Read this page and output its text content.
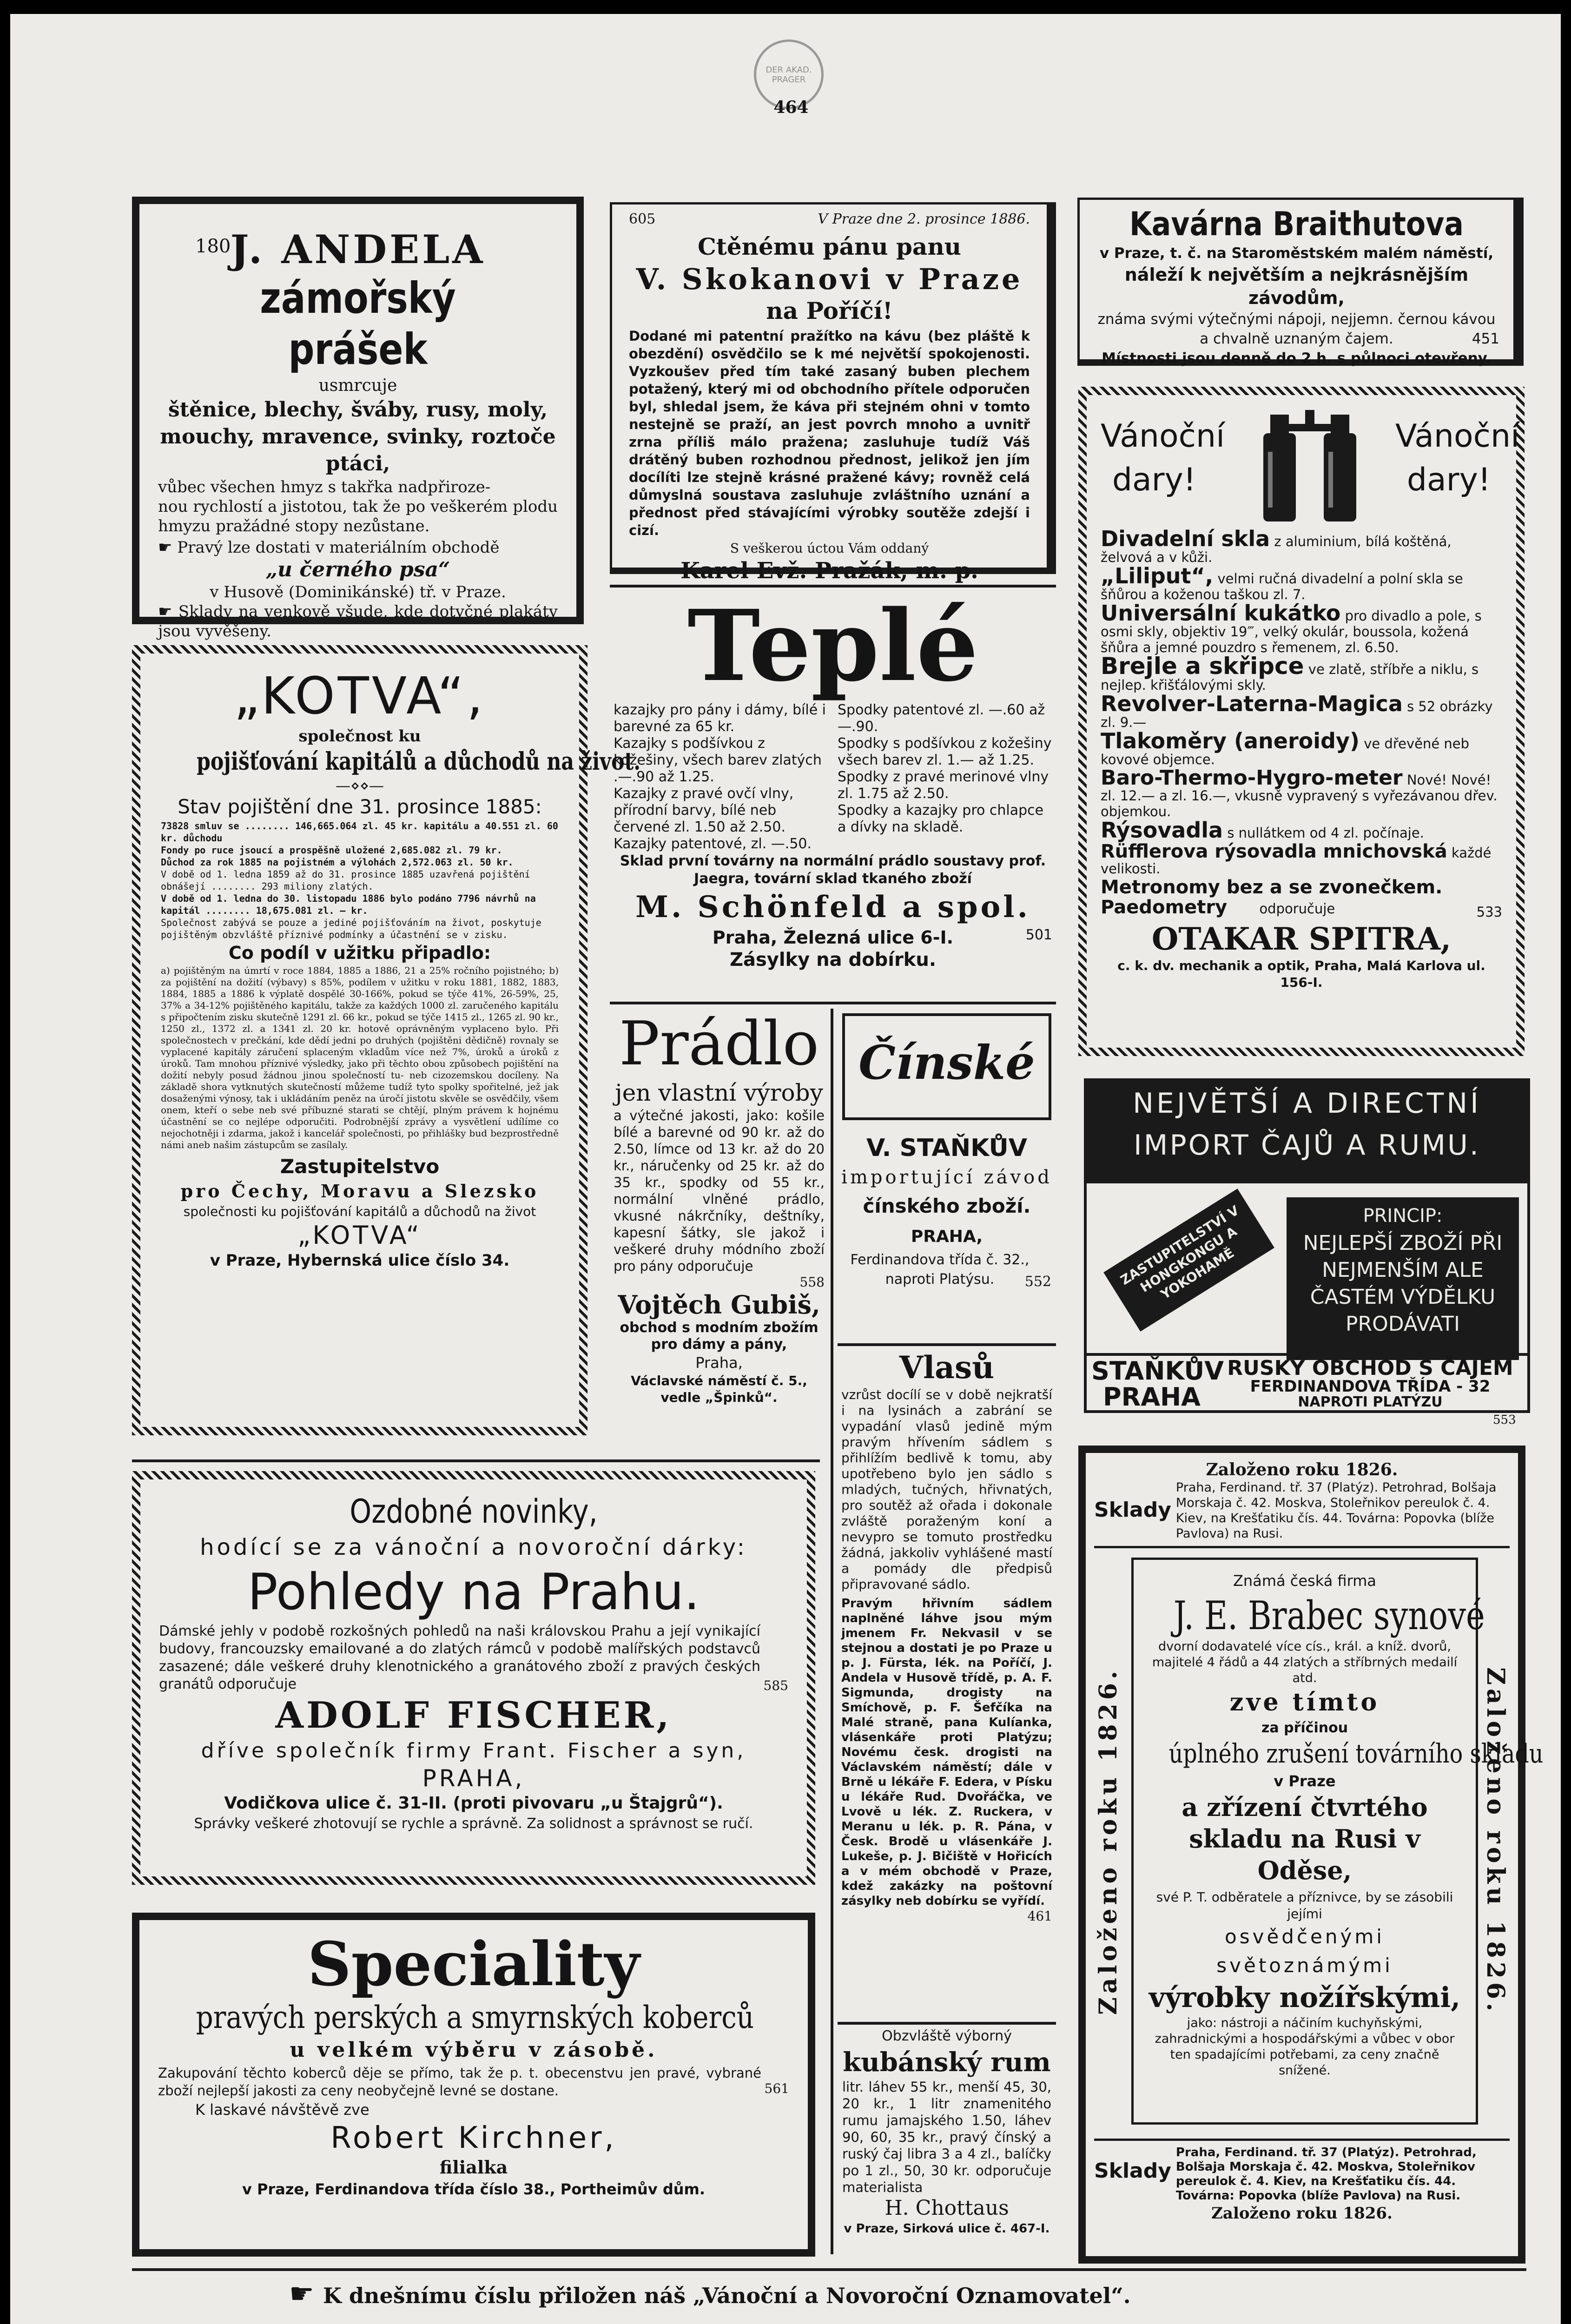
DER AKAD. PRAGER
464
180 J. ANDELA
zámořský prášek
usmrcuje
štěnice, blechy, šváby, rusy, moly,
mouchy, mravence, svinky, roztoče
ptáci,
vůbec všechen hmyz s takřka nadpřiroze-
nou rychlostí a jistotou, tak že po veškerém plodu hmyzu pražádné stopy nezůstane.
☛ Pravý lze dostati v materiálním obchodě
„u černého psa“
v Husově (Dominikánské) tř. v Praze.
☛ Sklady na venkově všude, kde dotyčné plakáty jsou vyvěšeny.
605	V Praze dne 2. prosince 1886.
Ctěnému pánu panu
V. Skokanovi v Praze
na Poříčí!

Dodané mi patentní pražítko na kávu (bez pláště k obezdění) osvědčilo se k mé největší spokojenosti. Vyzkoušev před tím také zasaný buben plechem potažený, který mi od obchodního přítele odporučen byl, shledal jsem, že káva při stejném ohni v tomto nestejně se praží, an jest povrch mnoho a uvnitř zrna příliš málo pražena; zasluhuje tudíž Váš drátěný buben rozhodnou přednost, jelikož jen jím docílíti lze stejně krásné pražené kávy; rovněž celá důmyslná soustava zasluhuje zvláštního uznání a přednost před stávajícími výrobky soutěže zdejší i cizí.

S veškerou úctou Vám oddaný
Karel Evž. Pražák, m. p.
Kavárna Braithutova
v Praze, t. č. na Staroměstském malém náměstí,
náleží k největším a nejkrásnějším závodům,
známa svými výtečnými nápoji, nejjemn. černou kávou a chvalně uznaným čajem.
Místnosti jsou denně do 2 h. s půlnoci otevřeny.
451
Vánoční dary!
Vánoční dary!

Divadelní skla z aluminium, bílá koštěná, želvová a v kůži.

„Liliput“, velmi ručná divadelní a polní skla se šňůrou a koženou taškou zl. 7.

Universální kukátko pro divadlo a pole, s osmi skly, objektiv 19‴, velký okulár, boussola, kožená šňůra a jemné pouzdro s řemenem, zl. 6.50.

Brejle a skřipce ve zlatě, stříbře a niklu, s nejlep. křišťálovými skly.

Revolver-Laterna-Magica s 52 obrázky zl. 9.—

Tlakoměry (aneroidy) ve dřevěné neb kovové objemce.

Baro-Thermo-Hygro-meter Nové! Nové! zl. 12.— a zl. 16.—, vkusně vypravený s vyřezávanou dřev. objemkou.

Rýsovadla s nullátkem od 4 zl. počínaje.

Rüfflerova rýsovadla mnichovská každé velikosti.

Metronomy bez a se zvonečkem.

Paedometry odporučuje	533

OTAKAR SPITRA,
c. k. dv. mechanik a optik, Praha, Malá Karlova ul. 156-I.
„KOTVA“,
společnost ku
pojišťování kapitálů a důchodů na život.
—⋄⋄—
Stav pojištění dne 31. prosince 1885:

73828 smluv se ........ 146,665.064 zl. 45 kr. kapitálu a 40.551 zl. 60 kr. důchodu

Fondy po ruce jsoucí a prospěšně uložené 2,685.082 zl. 79 kr.

Důchod za rok 1885 na pojistném a výlohách 2,572.063 zl. 50 kr.

V době od 1. ledna 1859 až do 31. prosince 1885 uzavřená pojištění obnášejí ........ 293 miliony zlatých.

V době od 1. ledna do 30. listopadu 1886 bylo podáno 7796 návrhů na kapitál ........ 18,675.081 zl. — kr.

Společnost zabývá se pouze a jediné pojišťováním na život, poskytuje pojištěným obzvláště příznivé podmínky a účastnění se v zisku.

Co podíl v užitku připadlo:

a) pojištěným na úmrtí v roce 1884, 1885 a 1886, 21 a 25% ročního pojistného; b) za pojištění na dožití (výbavy) s 85%, podílem v užitku v roku 1881, 1882, 1883, 1884, 1885 a 1886 k výplatě dospělé 30-166%, pokud se týče 41%, 26-59%, 25, 37% a 34-12% pojištěného kapitálu, takže za každých 1000 zl. zaručeného kapitálu s připočtením zisku skutečně 1291 zl. 66 kr., pokud se týče 1415 zl., 1265 zl. 90 kr., 1250 zl., 1372 zl. a 1341 zl. 20 kr. hotově oprávněným vyplaceno bylo. Při společnostech v prečkání, kde dědí jedni po druhých (pojištěni dědičně) rovnaly se vyplacené kapitály záručení splaceným vkladům více než 7%, úroků a úroků z úroků. Tam mnohou příznivé výsledky, jako při těchto obou způsobech pojištění na dožití nebyly posud žádnou jinou společností tu- neb cizozemskou docíleny. Na základě shora vytknutých skutečností můžeme tudíž tyto spolky spořitelné, jež jak dosaženými výnosy, tak i ukládáním peněz na úročí jistotu skvěle se osvědčily, všem onem, kteří o sebe neb své příbuzné starati se chtějí, plným právem k hojnému účastnění se co nejlépe odporučiti. Podrobnější zprávy a vysvětlení udílíme co nejochotněji i zdarma, jakož i kancelář společnosti, po přihlášky bud bezprostředně námi aneb našim zástupcům se zasílaly.

Zastupitelstvo
pro Čechy, Moravu a Slezsko
společnosti ku pojišťování kapitálů a důchodů na život
„KOTVA“
v Praze, Hybernská ulice číslo 34.
Teplé

kazajky pro pány i dámy, bílé i barevné za 65 kr.

Kazajky s podšívkou z kožešiny, všech barev zlatých .—.90 až 1.25.

Kazajky z pravé ovčí vlny, přírodní barvy, bílé neb červené zl. 1.50 až 2.50.

Kazajky patentové, zl. —.50.

Spodky patentové zl. —.60 až —.90.

Spodky s podšívkou z kožešiny všech barev zl. 1.— až 1.25.

Spodky z pravé merinové vlny zl. 1.75 až 2.50.

Spodky a kazajky pro chlapce a dívky na skladě.

Sklad první továrny na normální prádlo soustavy prof. Jaegra, tovární sklad tkaného zboží
M. Schönfeld a spol.
Praha, Železná ulice 6-I.	501
Zásylky na dobírku.
Prádlo
jen vlastní výroby

a výtečné jakosti, jako: košile bílé a barevné od 90 kr. až do 2.50, límce od 13 kr. až do 20 kr., náručenky od 25 kr. až do 35 kr., spodky od 55 kr., normální vlněné prádlo, vkusné nákrčníky, deštníky, kapesní šátky, sle jakož i veškeré druhy módního zboží pro pány odporučuje

558
Vojtěch Gubiš,
obchod s modním zbožím pro dámy a pány,
Praha,
Václavské náměstí č. 5., vedle „Špinků“.
Čínské
V. STAŇKŮV
importující závod
čínského zboží.
PRAHA,
Ferdinandova třída č. 32., naproti Platýsu.	552
NEJVĚTŠÍ A DIRECTNÍ
IMPORT ČAJŮ A RUMU.
ZASTUPITELSTVÍ V HONGKONGU A YOKOHAMĚ
PRINCIP:
NEJLEPŠÍ ZBOŽÍ PŘI NEJMENŠÍM ALE ČASTÉM VÝDĚLKU PRODÁVATI
STAŇKŮV PRAHA
RUSKÝ OBCHOD S ČAJEM
FERDINANDOVA TŘÍDA - 32
NAPROTI PLATÝZU
553
Vlasů

vzrůst docílí se v době nejkratší i na lysinách a zabrání se vypadání vlasů jedině mým pravým hřívením sádlem s přihlížím bedlivě k tomu, aby upotřebeno bylo jen sádlo s mladých, tučných, hřivnatých, pro soutěž až ořada i dokonale zvláště poraženým koní a nevypro se tomuto prostředku žádná, jakkoliv vyhlášené mastí a pomády dle předpisů připravované sádlo.

Pravým hřivním sádlem naplněné láhve jsou mým jmenem Fr. Nekvasil v se stejnou a dostati je po Praze u p. J. Fürsta, lék. na Poříčí, J. Andela v Husově třídě, p. A. F. Sigmunda, drogisty na Smíchově, p. F. Šefčíka na Malé straně, pana Kulíanka, vlásenkáře proti Platýzu; Novému česk. drogisti na Václavském náměstí; dále v Brně u lékáře F. Edera, v Písku u lékáře Rud. Dvořáčka, ve Lvově u lék. Z. Ruckera, v Meranu u lék. p. R. Pána, v Česk. Brodě u vlásenkáře J. Lukeše, p. J. Bičiště v Hořicích a v mém obchodě v Praze, kdež zakázky na poštovní zásylky neb dobírku se vyřídí.

461
Obzvláště výborný
kubánský rum

litr. láhev 55 kr., menší 45, 30, 20 kr., 1 litr znamenitého rumu jamajského 1.50, láhev 90, 60, 35 kr., pravý čínský a ruský čaj libra 3 a 4 zl., balíčky po 1 zl., 50, 30 kr. odporučuje materialista

H. Chottaus
v Praze, Sirková ulice č. 467-I.
Ozdobné novinky,
hodící se za vánoční a novoroční dárky:
Pohledy na Prahu.

Dámské jehly v podobě rozkošných pohledů na naši královskou Prahu a její vynikající budovy, francouzsky emailované a do zlatých rámců v podobě malířských podstavců zasazené; dále veškeré druhy klenotnického a granátového zboží z pravých českých granátů odporučuje	585
ADOLF FISCHER,
dříve společník firmy Frant. Fischer a syn,
PRAHA,
Vodičkova ulice č. 31-II. (proti pivovaru „u Štajgrů“).
Správky veškeré zhotovují se rychle a správně. Za solidnost a správnost se ručí.
Speciality
pravých perských a smyrnských koberců
u velkém výběru v zásobě.

Zakupování těchto koberců děje se přímo, tak že p. t. obecenstvu jen pravé, vybrané zboží nejlepší jakosti za ceny neobyčejně levné se dostane.	561
K laskavé návštěvě zve
Robert Kirchner,
filialka
v Praze, Ferdinandova třída číslo 38., Portheimův dům.
Založeno roku 1826.
Sklady

Praha, Ferdinand. tř. 37 (Platýz). Petrohrad, Bolšaja Morskaja č. 42. Moskva, Stoleřnikov pereulok č. 4. Kiev, na Krešťatiku čís. 44. Továrna: Popovka (blíže Pavlova) na Rusi.

Založeno roku 1826.	Založeno roku 1826.
Známá česká firma
J. E. Brabec synové
dvorní dodavatelé více cís., král. a kníž. dvorů, majitelé 4 řádů a 44 zlatých a stříbrných medailí atd.
zve tímto
za příčinou
úplného zrušení továrního skladu
v Praze
a zřízení čtvrtého skladu na Rusi v Oděse,
své P. T. odběratele a příznivce, by se zásobili jejími
osvědčenými světoznámými
výrobky nožířskými,
jako: nástroji a náčiním kuchyňskými, zahradnickými a hospodářskými a vůbec v obor ten spadajícími potřebami, za ceny značně snížené.
Sklady

Praha, Ferdinand. tř. 37 (Platýz). Petrohrad, Bolšaja Morskaja č. 42. Moskva, Stoleřnikov pereulok č. 4. Kiev, na Krešťatiku čís. 44. Továrna: Popovka (blíže Pavlova) na Rusi.

Založeno roku 1826.
☛ K dnešnímu číslu přiložen náš „Vánoční a Novoroční Oznamovatel“.
